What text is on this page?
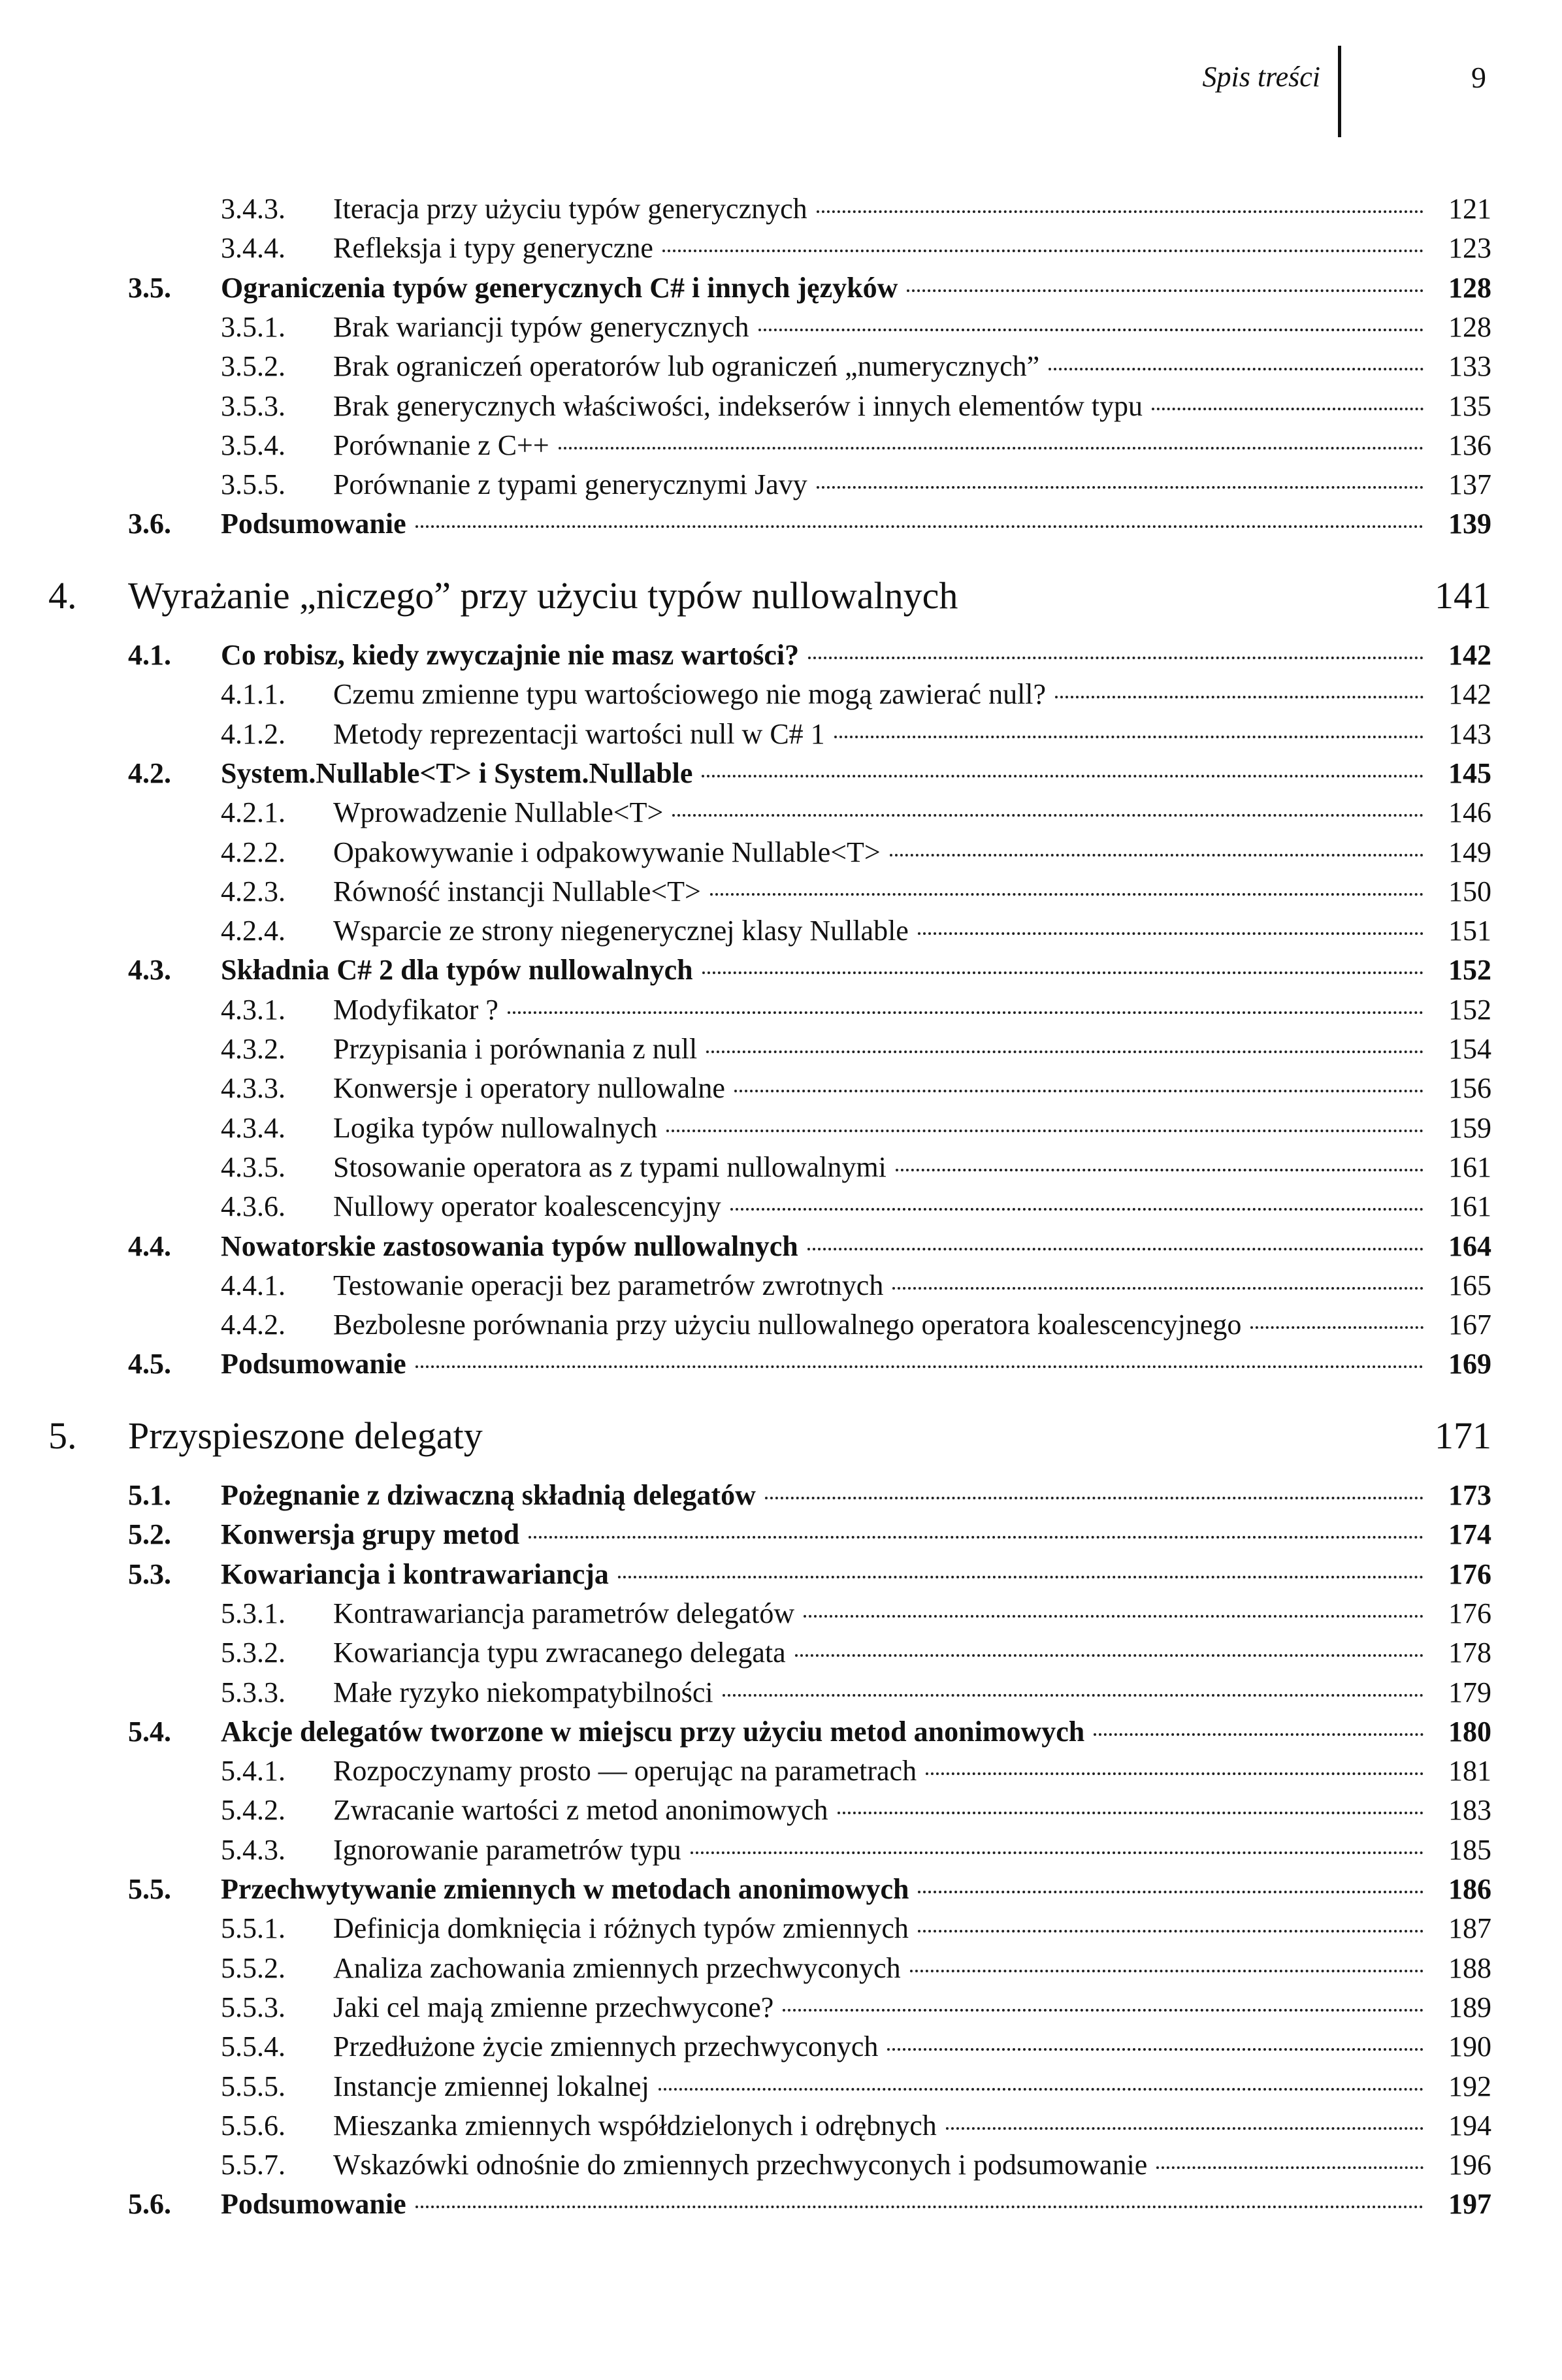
Spis treści	9
3.4.3.	Iteracja przy użyciu typów generycznych	121
3.4.4.	Refleksja i typy generyczne	123
3.5.	Ograniczenia typów generycznych C# i innych języków	128
3.5.1.	Brak wariancji typów generycznych	128
3.5.2.	Brak ograniczeń operatorów lub ograniczeń „numerycznych”	133
3.5.3.	Brak generycznych właściwości, indekserów i innych elementów typu	135
3.5.4.	Porównanie z C++	136
3.5.5.	Porównanie z typami generycznymi Javy	137
3.6.	Podsumowanie	139
4. Wyrażanie „niczego” przy użyciu typów nullowalnych	141
4.1.	Co robisz, kiedy zwyczajnie nie masz wartości?	142
4.1.1.	Czemu zmienne typu wartościowego nie mogą zawierać null?	142
4.1.2.	Metody reprezentacji wartości null w C# 1	143
4.2.	System.Nullable<T> i System.Nullable	145
4.2.1.	Wprowadzenie Nullable<T>	146
4.2.2.	Opakowywanie i odpakowywanie Nullable<T>	149
4.2.3.	Równość instancji Nullable<T>	150
4.2.4.	Wsparcie ze strony niegenerycznej klasy Nullable	151
4.3.	Składnia C# 2 dla typów nullowalnych	152
4.3.1.	Modyfikator ?	152
4.3.2.	Przypisania i porównania z null	154
4.3.3.	Konwersje i operatory nullowalne	156
4.3.4.	Logika typów nullowalnych	159
4.3.5.	Stosowanie operatora as z typami nullowalnymi	161
4.3.6.	Nullowy operator koalescencyjny	161
4.4.	Nowatorskie zastosowania typów nullowalnych	164
4.4.1.	Testowanie operacji bez parametrów zwrotnych	165
4.4.2.	Bezbolesne porównania przy użyciu nullowalnego operatora koalescencyjnego	167
4.5.	Podsumowanie	169
5. Przyspieszone delegaty	171
5.1.	Pożegnanie z dziwaczną składnią delegatów	173
5.2.	Konwersja grupy metod	174
5.3.	Kowariancja i kontrawariancja	176
5.3.1.	Kontrawariancja parametrów delegatów	176
5.3.2.	Kowariancja typu zwracanego delegata	178
5.3.3.	Małe ryzyko niekompatybilności	179
5.4.	Akcje delegatów tworzone w miejscu przy użyciu metod anonimowych	180
5.4.1.	Rozpoczynamy prosto — operując na parametrach	181
5.4.2.	Zwracanie wartości z metod anonimowych	183
5.4.3.	Ignorowanie parametrów typu	185
5.5.	Przechwytywanie zmiennych w metodach anonimowych	186
5.5.1.	Definicja domknięcia i różnych typów zmiennych	187
5.5.2.	Analiza zachowania zmiennych przechwyconych	188
5.5.3.	Jaki cel mają zmienne przechwycone?	189
5.5.4.	Przedłużone życie zmiennych przechwyconych	190
5.5.5.	Instancje zmiennej lokalnej	192
5.5.6.	Mieszanka zmiennych współdzielonych i odrębnych	194
5.5.7.	Wskazówki odnośnie do zmiennych przechwyconych i podsumowanie	196
5.6.	Podsumowanie	197
